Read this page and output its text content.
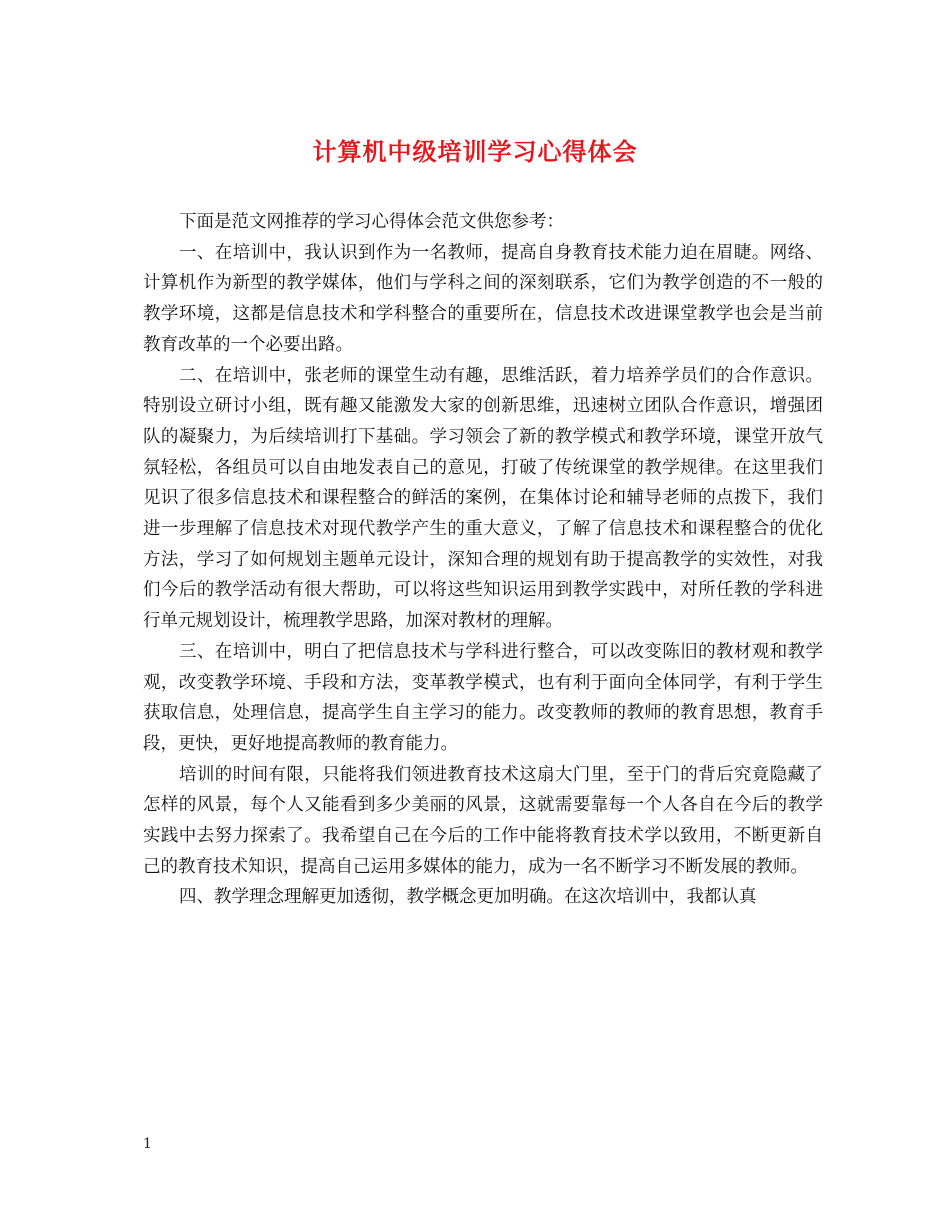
计算机中级培训学习心得体会

下面是范文网推荐的学习心得体会范文供您参考：

一、在培训中，我认识到作为一名教师，提高自身教育技术能力迫在眉睫。网络、计算机作为新型的教学媒体，他们与学科之间的深刻联系，它们为教学创造的不一般的教学环境，这都是信息技术和学科整合的重要所在，信息技术改进课堂教学也会是当前教育改革的一个必要出路。

二、在培训中，张老师的课堂生动有趣，思维活跃，着力培养学员们的合作意识。特别设立研讨小组，既有趣又能激发大家的创新思维，迅速树立团队合作意识，增强团队的凝聚力，为后续培训打下基础。学习领会了新的教学模式和教学环境，课堂开放气氛轻松，各组员可以自由地发表自己的意见，打破了传统课堂的教学规律。在这里我们见识了很多信息技术和课程整合的鲜活的案例，在集体讨论和辅导老师的点拨下，我们进一步理解了信息技术对现代教学产生的重大意义，了解了信息技术和课程整合的优化方法，学习了如何规划主题单元设计，深知合理的规划有助于提高教学的实效性，对我们今后的教学活动有很大帮助，可以将这些知识运用到教学实践中，对所任教的学科进行单元规划设计，梳理教学思路，加深对教材的理解。

三、在培训中，明白了把信息技术与学科进行整合，可以改变陈旧的教材观和教学观，改变教学环境、手段和方法，变革教学模式，也有利于面向全体同学，有利于学生获取信息，处理信息，提高学生自主学习的能力。改变教师的教师的教育思想，教育手段，更快，更好地提高教师的教育能力。

培训的时间有限，只能将我们领进教育技术这扇大门里，至于门的背后究竟隐藏了怎样的风景，每个人又能看到多少美丽的风景，这就需要靠每一个人各自在今后的教学实践中去努力探索了。我希望自己在今后的工作中能将教育技术学以致用，不断更新自己的教育技术知识，提高自己运用多媒体的能力，成为一名不断学习不断发展的教师。

四、教学理念理解更加透彻，教学概念更加明确。在这次培训中，我都认真

1
